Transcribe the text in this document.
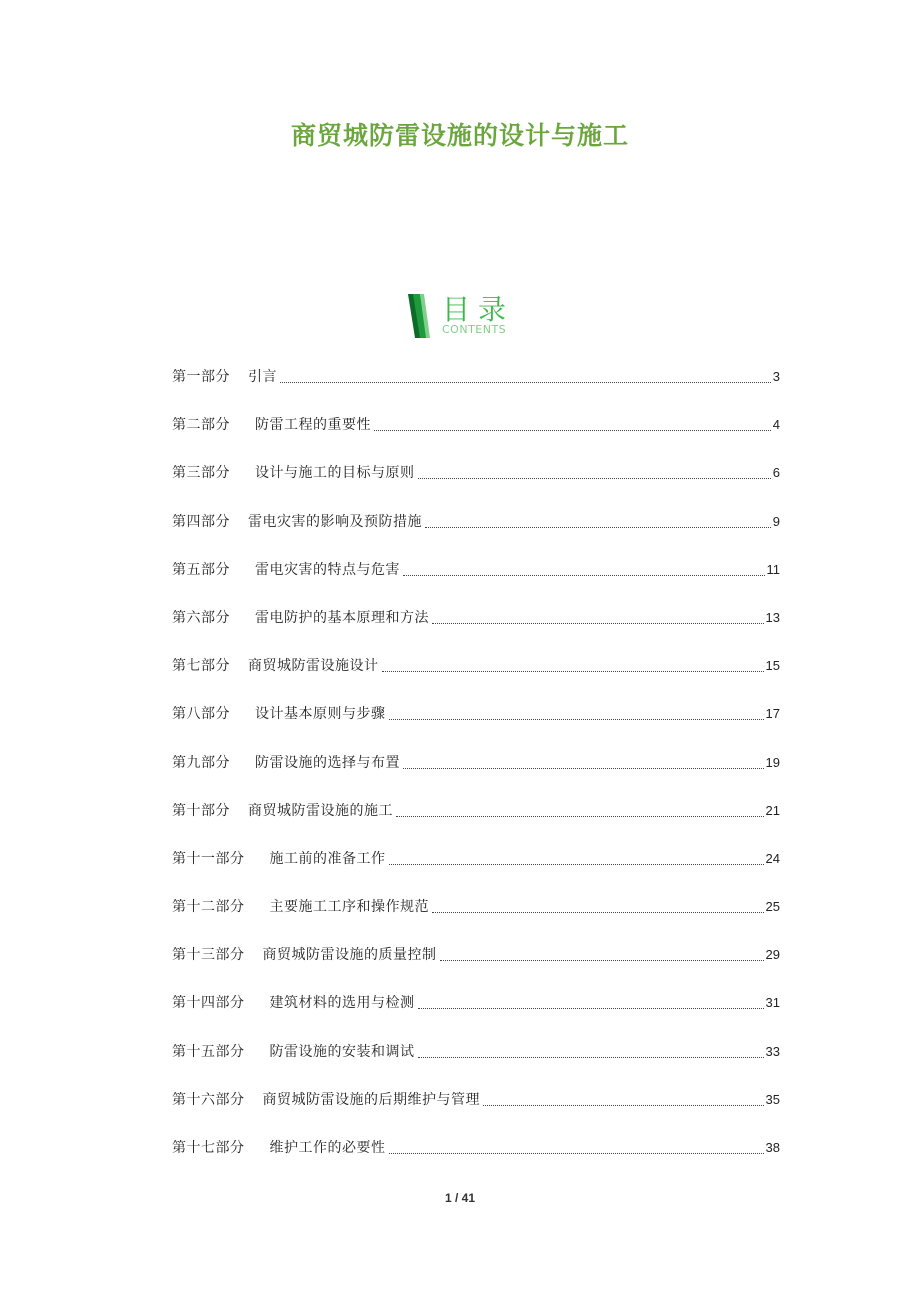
商贸城防雷设施的设计与施工
目录
CONTENTS
第一部分 引言	3
第二部分 防雷工程的重要性	4
第三部分 设计与施工的目标与原则	6
第四部分 雷电灾害的影响及预防措施	9
第五部分 雷电灾害的特点与危害	11
第六部分 雷电防护的基本原理和方法	13
第七部分 商贸城防雷设施设计	15
第八部分 设计基本原则与步骤	17
第九部分 防雷设施的选择与布置	19
第十部分 商贸城防雷设施的施工	21
第十一部分 施工前的准备工作	24
第十二部分 主要施工工序和操作规范	25
第十三部分 商贸城防雷设施的质量控制	29
第十四部分 建筑材料的选用与检测	31
第十五部分 防雷设施的安装和调试	33
第十六部分 商贸城防雷设施的后期维护与管理	35
第十七部分 维护工作的必要性	38
1 / 41
